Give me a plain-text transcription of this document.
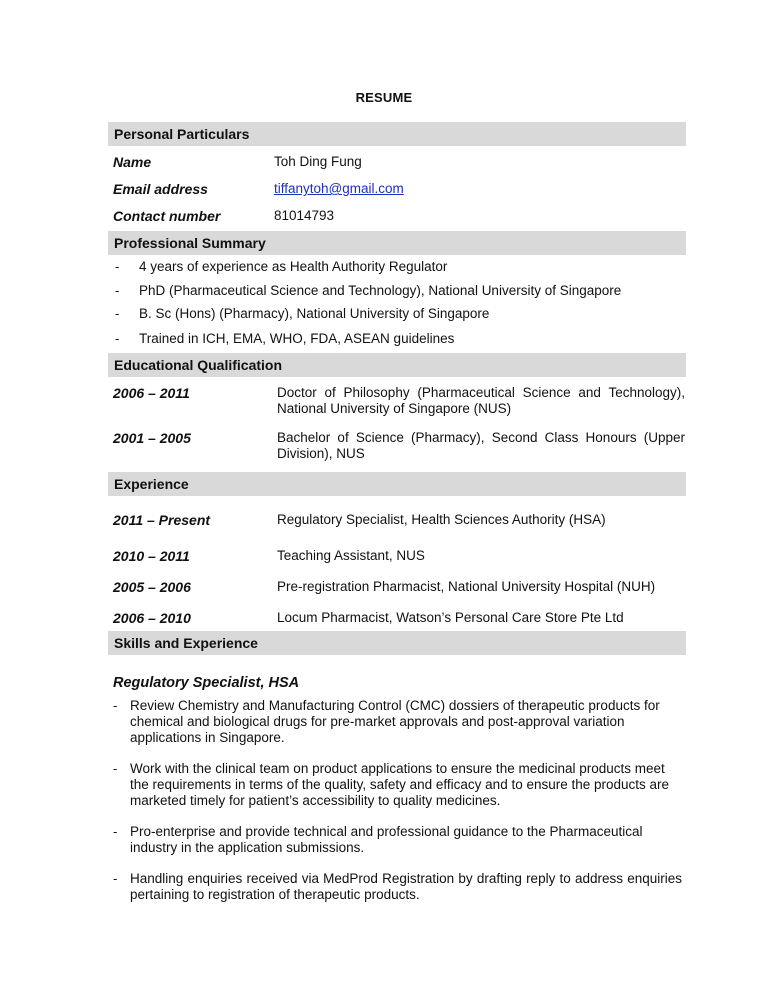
RESUME
Personal Particulars
Name	Toh Ding Fung
Email address	tiffanytoh@gmail.com
Contact number	81014793
Professional Summary
- 4 years of experience as Health Authority Regulator
- PhD (Pharmaceutical Science and Technology), National University of Singapore
- B. Sc (Hons) (Pharmacy), National University of Singapore
- Trained in ICH, EMA, WHO, FDA, ASEAN guidelines
Educational Qualification
2006 – 2011	Doctor of Philosophy (Pharmaceutical Science and Technology), National University of Singapore (NUS)
2001 – 2005	Bachelor of Science (Pharmacy), Second Class Honours (Upper Division), NUS
Experience
2011 – Present	Regulatory Specialist, Health Sciences Authority (HSA)
2010 – 2011	Teaching Assistant, NUS
2005 – 2006	Pre-registration Pharmacist, National University Hospital (NUH)
2006 – 2010	Locum Pharmacist, Watson’s Personal Care Store Pte Ltd
Skills and Experience
Regulatory Specialist, HSA
- Review Chemistry and Manufacturing Control (CMC) dossiers of therapeutic products for chemical and biological drugs for pre-market approvals and post-approval variation applications in Singapore.
- Work with the clinical team on product applications to ensure the medicinal products meet the requirements in terms of the quality, safety and efficacy and to ensure the products are marketed timely for patient’s accessibility to quality medicines.
- Pro-enterprise and provide technical and professional guidance to the Pharmaceutical industry in the application submissions.
- Handling enquiries received via MedProd Registration by drafting reply to address enquiries pertaining to registration of therapeutic products.
